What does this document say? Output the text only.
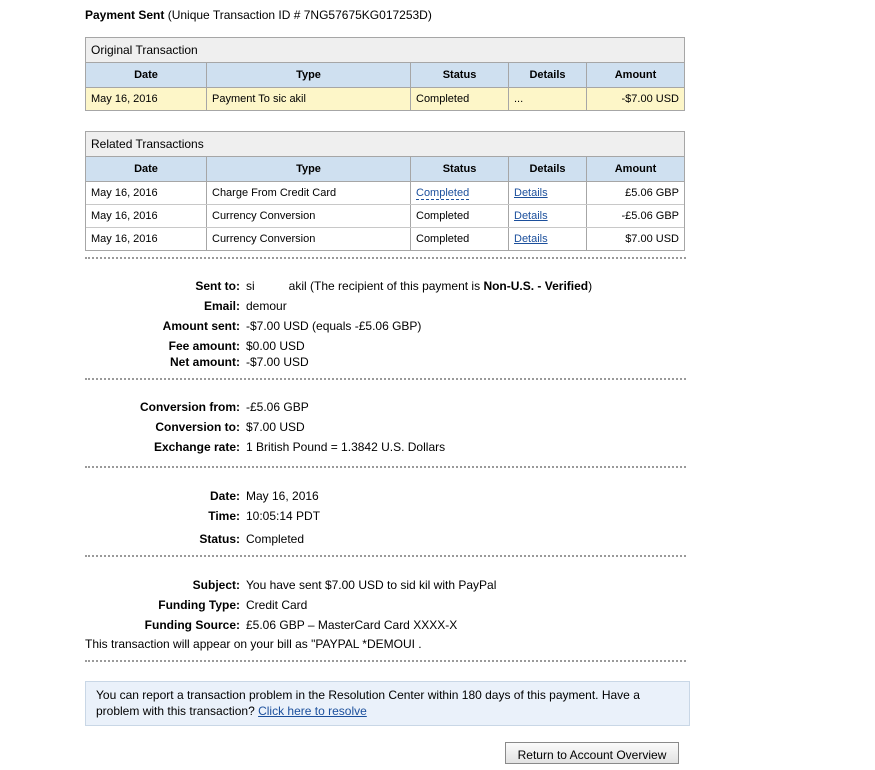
Payment Sent (Unique Transaction ID # 7NG57675KG017253D)
Original Transaction
Date	Type	Status	Details	Amount
May 16, 2016	Payment To sic akil	Completed	...	-$7.00 USD
Related Transactions
Date	Type	Status	Details	Amount
May 16, 2016	Charge From Credit Card	Completed	Details	£5.06 GBP
May 16, 2016	Currency Conversion	Completed	Details	-£5.06 GBP
May 16, 2016	Currency Conversion	Completed	Details	$7.00 USD
Sent to: si	akil (The recipient of this payment is Non-U.S. - Verified)
Email: demour
Amount sent: -$7.00 USD (equals -£5.06 GBP)
Fee amount: $0.00 USD
Net amount: -$7.00 USD
Conversion from: -£5.06 GBP
Conversion to: $7.00 USD
Exchange rate: 1 British Pound = 1.3842 U.S. Dollars
Date: May 16, 2016
Time: 10:05:14 PDT
Status: Completed
Subject: You have sent $7.00 USD to sid kil with PayPal
Funding Type: Credit Card
Funding Source: £5.06 GBP – MasterCard Card XXXX-X
This transaction will appear on your bill as "PAYPAL *DEMOUI .
You can report a transaction problem in the Resolution Center within 180 days of this payment. Have a problem with this transaction? Click here to resolve
Return to Account Overview
